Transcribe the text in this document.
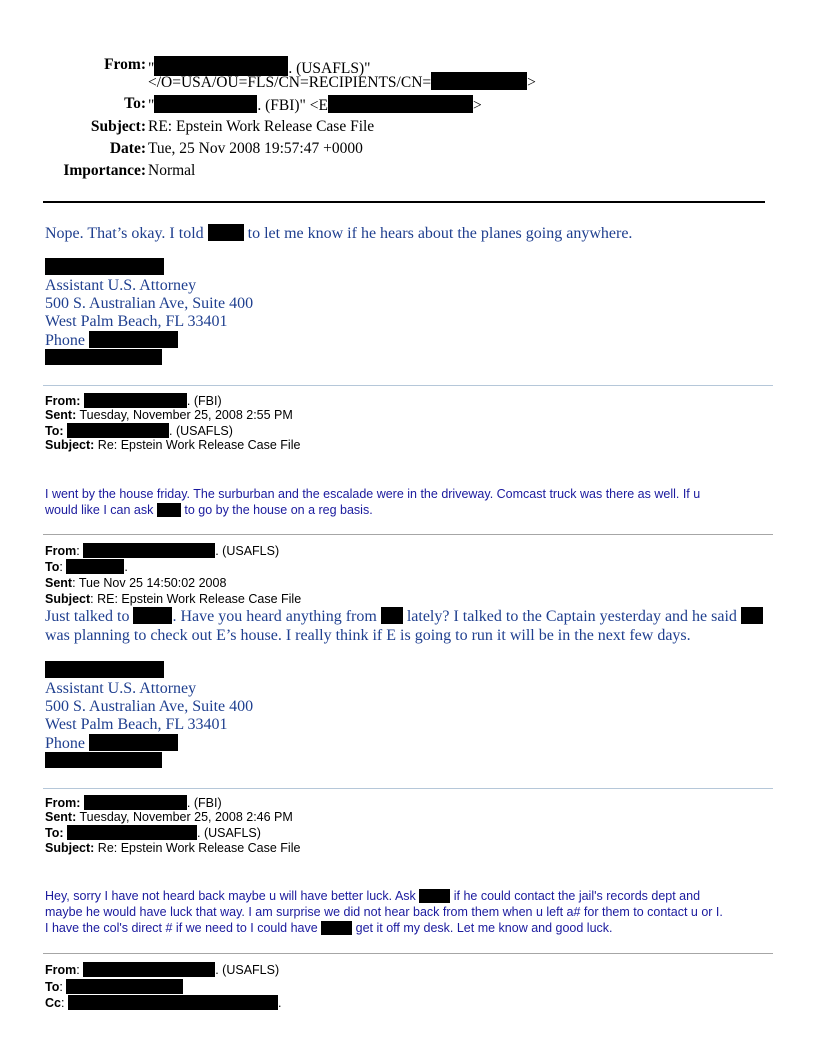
From: "	. (USAFLS)"
</O=USA/OU=FLS/CN=RECIPIENTS/CN=	>
To: "	. (FBI)" <E	>
Subject: RE: Epstein Work Release Case File
Date: Tue, 25 Nov 2008 19:57:47 +0000
Importance: Normal
Nope. That’s okay. I told	to let me know if he hears about the planes going anywhere.
Assistant U.S. Attorney
500 S. Australian Ave, Suite 400
West Palm Beach, FL 33401
Phone
From:	. (FBI)
Sent: Tuesday, November 25, 2008 2:55 PM
To:	. (USAFLS)
Subject: Re: Epstein Work Release Case File
I went by the house friday. The surburban and the escalade were in the driveway. Comcast truck was there as well. If u
would like I can ask to go by the house on a reg basis.
From:	. (USAFLS)
To:	.
Sent: Tue Nov 25 14:50:02 2008
Subject: RE: Epstein Work Release Case File
Just talked to	. Have you heard anything from lately? I talked to the Captain yesterday and he said
was planning to check out E’s house. I really think if E is going to run it will be in the next few days.
Assistant U.S. Attorney
500 S. Australian Ave, Suite 400
West Palm Beach, FL 33401
Phone
From:	. (FBI)
Sent: Tuesday, November 25, 2008 2:46 PM
To:	. (USAFLS)
Subject: Re: Epstein Work Release Case File
Hey, sorry I have not heard back maybe u will have better luck. Ask	if he could contact the jail's records dept and
maybe he would have luck that way. I am surprise we did not hear back from them when u left a# for them to contact u or I.
I have the col's direct # if we need to I could have	get it off my desk. Let me know and good luck.
From:	. (USAFLS)
To:
Cc:	.
